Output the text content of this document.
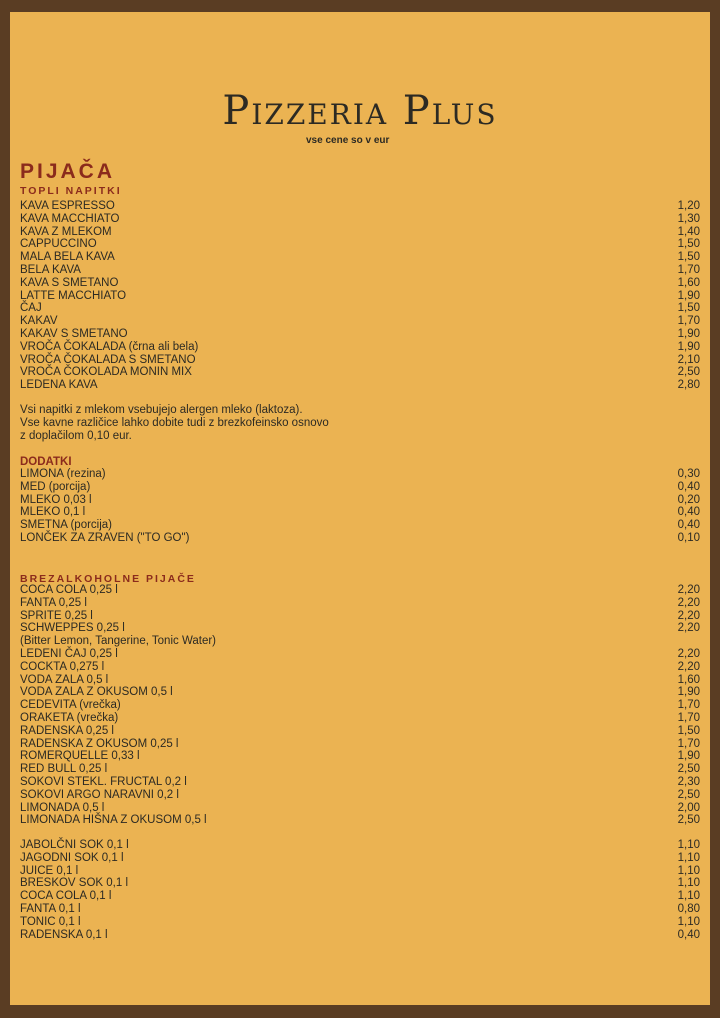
Pizzeria Plus
vse cene so v eur
PIJAČA
TOPLI NAPITKI
KAVA ESPRESSO	1,20
KAVA MACCHIATO	1,30
KAVA Z MLEKOM	1,40
CAPPUCCINO	1,50
MALA BELA KAVA	1,50
BELA KAVA	1,70
KAVA S SMETANO	1,60
LATTE MACCHIATO	1,90
ČAJ	1,50
KAKAV	1,70
KAKAV S SMETANO	1,90
VROČA ČOKALADA (črna ali bela)	1,90
VROČA ČOKALADA S SMETANO	2,10
VROČA ČOKOLADA MONIN MIX	2,50
LEDENA KAVA	2,80
Vsi napitki z mlekom vsebujejo alergen mleko (laktoza).
Vse kavne različice lahko dobite tudi z brezkofeinsko osnovo
z doplačilom 0,10 eur.
DODATKI
LIMONA (rezina)	0,30
MED (porcija)	0,40
MLEKO 0,03 l	0,20
MLEKO 0,1 l	0,40
SMETNA (porcija)	0,40
LONČEK ZA ZRAVEN ("TO GO")	0,10
BREZALKOHOLNE PIJAČE
COCA COLA 0,25 l	2,20
FANTA 0,25 l	2,20
SPRITE 0,25 l	2,20
SCHWEPPES 0,25 l	2,20
(Bitter Lemon, Tangerine, Tonic Water)
LEDENI ČAJ 0,25 l	2,20
COCKTA 0,275 l	2,20
VODA ZALA 0,5 l	1,60
VODA ZALA Z OKUSOM 0,5 l	1,90
CEDEVITA (vrečka)	1,70
ORAKETA (vrečka)	1,70
RADENSKA 0,25 l	1,50
RADENSKA Z OKUSOM 0,25 l	1,70
ROMERQUELLE 0,33 l	1,90
RED BULL 0,25 l	2,50
SOKOVI STEKL. FRUCTAL 0,2 l	2,30
SOKOVI ARGO NARAVNI 0,2 l	2,50
LIMONADA 0,5 l	2,00
LIMONADA HIŠNA Z OKUSOM 0,5 l	2,50
JABOLČNI SOK 0,1 l	1,10
JAGODNI SOK 0,1 l	1,10
JUICE 0,1 l	1,10
BRESKOV SOK 0,1 l	1,10
COCA COLA 0,1 l	1,10
FANTA 0,1 l	0,80
TONIC 0,1 l	1,10
RADENSKA 0,1 l	0,40
